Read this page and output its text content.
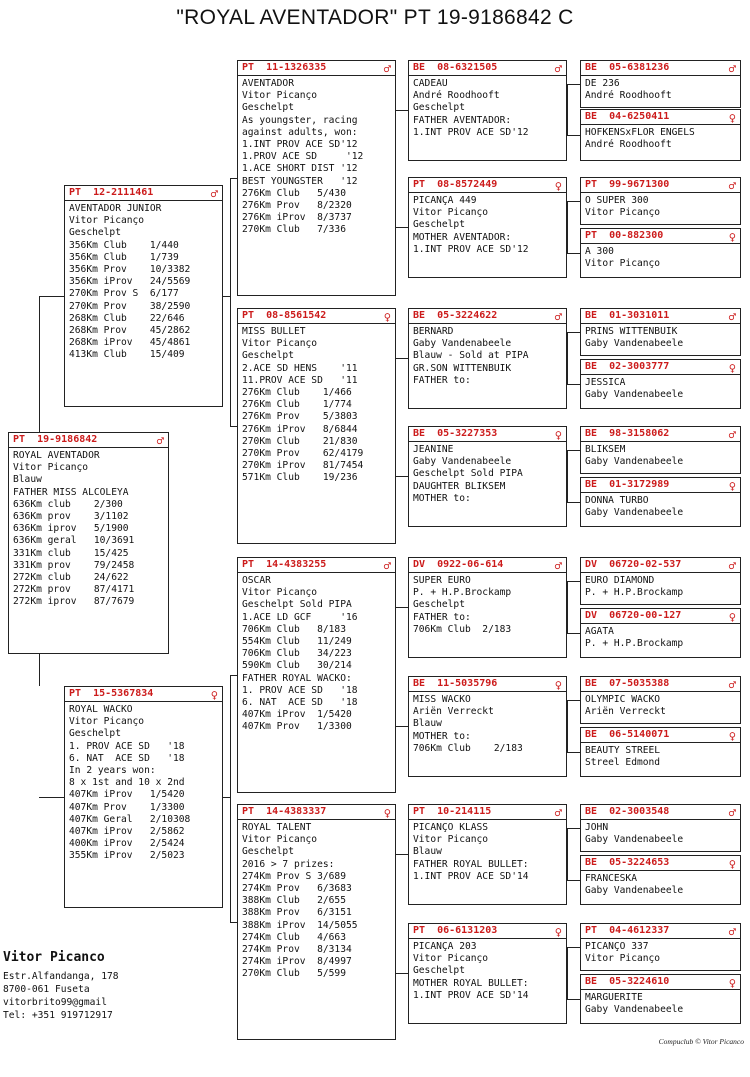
"ROYAL AVENTADOR" PT 19-9186842 C
PT  19-9186842	♂
ROYAL AVENTADOR
Vitor Picanço
Blauw
FATHER MISS ALCOLEYA
636Km club    2/300
636Km prov    3/1102
636Km iprov   5/1900
636Km geral   10/3691
331Km club    15/425
331Km prov    79/2458
272Km club    24/622
272Km prov    87/4171
272Km iprov   87/7679
PT  12-2111461	♂
AVENTADOR JUNIOR
Vitor Picanço
Geschelpt
356Km Club    1/440
356Km Club    1/739
356Km Prov    10/3382
356Km iProv   24/5569
270Km Prov S  6/177
270Km Prov    38/2590
268Km Club    22/646
268Km Prov    45/2862
268Km iProv   45/4861
413Km Club    15/409
PT  15-5367834	♀
ROYAL WACKO
Vitor Picanço
Geschelpt
1. PROV ACE SD   '18
6. NAT  ACE SD   '18
In 2 years won:
8 x 1st and 10 x 2nd
407Km iProv   1/5420
407Km Prov    1/3300
407Km Geral   2/10308
407Km iProv   2/5862
400Km iProv   2/5424
355Km iProv   2/5023
PT  11-1326335	♂
AVENTADOR
Vitor Picanço
Geschelpt
As youngster, racing
against adults, won:
1.INT PROV ACE SD'12
1.PROV ACE SD     '12
1.ACE SHORT DIST '12
BEST YOUNGSTER   '12
276Km Club   5/430
276Km Prov   8/2320
276Km iProv  8/3737
270Km Club   7/336
PT  08-8561542	♀
MISS BULLET
Vitor Picanço
Geschelpt
2.ACE SD HENS    '11
11.PROV ACE SD   '11
276Km Club    1/466
276Km Club    1/774
276Km Prov    5/3803
276Km iProv   8/6844
270Km Club    21/830
270Km Prov    62/4179
270Km iProv   81/7454
571Km Club    19/236
PT  14-4383255	♂
OSCAR
Vitor Picanço
Geschelpt Sold PIPA
1.ACE LD GCF     '16
706Km Club   8/183
554Km Club   11/249
706Km Club   34/223
590Km Club   30/214
FATHER ROYAL WACKO:
1. PROV ACE SD   '18
6. NAT  ACE SD   '18
407Km iProv  1/5420
407Km Prov   1/3300
PT  14-4383337	♀
ROYAL TALENT
Vitor Picanço
Geschelpt
2016 > 7 prizes:
274Km Prov S 3/689
274Km Prov   6/3683
388Km Club   2/655
388Km Prov   6/3151
388Km iProv  14/5055
274Km Club   4/663
274Km Prov   8/3134
274Km iProv  8/4997
270Km Club   5/599
BE  08-6321505	♂
CADEAU
André Roodhooft
Geschelpt
FATHER AVENTADOR:
1.INT PROV ACE SD'12
PT  08-8572449	♀
PICANÇA 449
Vitor Picanço
Geschelpt
MOTHER AVENTADOR:
1.INT PROV ACE SD'12
BE  05-3224622	♂
BERNARD
Gaby Vandenabeele
Blauw - Sold at PIPA
GR.SON WITTENBUIK
FATHER to:
BE  05-3227353	♀
JEANINE
Gaby Vandenabeele
Geschelpt Sold PIPA
DAUGHTER BLIKSEM
MOTHER to:
DV  0922-06-614	♂
SUPER EURO
P. + H.P.Brockamp
Geschelpt
FATHER to:
706Km Club  2/183
BE  11-5035796	♀
MISS WACKO
Ariën Verreckt
Blauw
MOTHER to:
706Km Club    2/183
PT  10-214115	♂
PICANÇO KLASS
Vitor Picanço
Blauw
FATHER ROYAL BULLET:
1.INT PROV ACE SD'14
PT  06-6131203	♀
PICANÇA 203
Vitor Picanço
Geschelpt
MOTHER ROYAL BULLET:
1.INT PROV ACE SD'14
BE  05-6381236	♂
DE 236
André Roodhooft
BE  04-6250411	♀
HOFKENSxFLOR ENGELS
André Roodhooft
PT  99-9671300	♂
O SUPER 300
Vitor Picanço
PT  00-882300	♀
A 300
Vitor Picanço
BE  01-3031011	♂
PRINS WITTENBUIK
Gaby Vandenabeele
BE  02-3003777	♀
JESSICA
Gaby Vandenabeele
BE  98-3158062	♂
BLIKSEM
Gaby Vandenabeele
BE  01-3172989	♀
DONNA TURBO
Gaby Vandenabeele
DV  06720-02-537	♂
EURO DIAMOND
P. + H.P.Brockamp
DV  06720-00-127	♀
AGATA
P. + H.P.Brockamp
BE  07-5035388	♂
OLYMPIC WACKO
Ariën Verreckt
BE  06-5140071	♀
BEAUTY STREEL
Streel Edmond
BE  02-3003548	♂
JOHN
Gaby Vandenabeele
BE  05-3224653	♀
FRANCESKA
Gaby Vandenabeele
PT  04-4612337	♂
PICANÇO 337
Vitor Picanço
BE  05-3224610	♀
MARGUERITE
Gaby Vandenabeele
Vitor Picanco
Estr.Alfandanga, 178
8700-061 Fuseta
vitorbrito99@gmail
Tel: +351 919712917
Compuclub © Vitor Picanco
